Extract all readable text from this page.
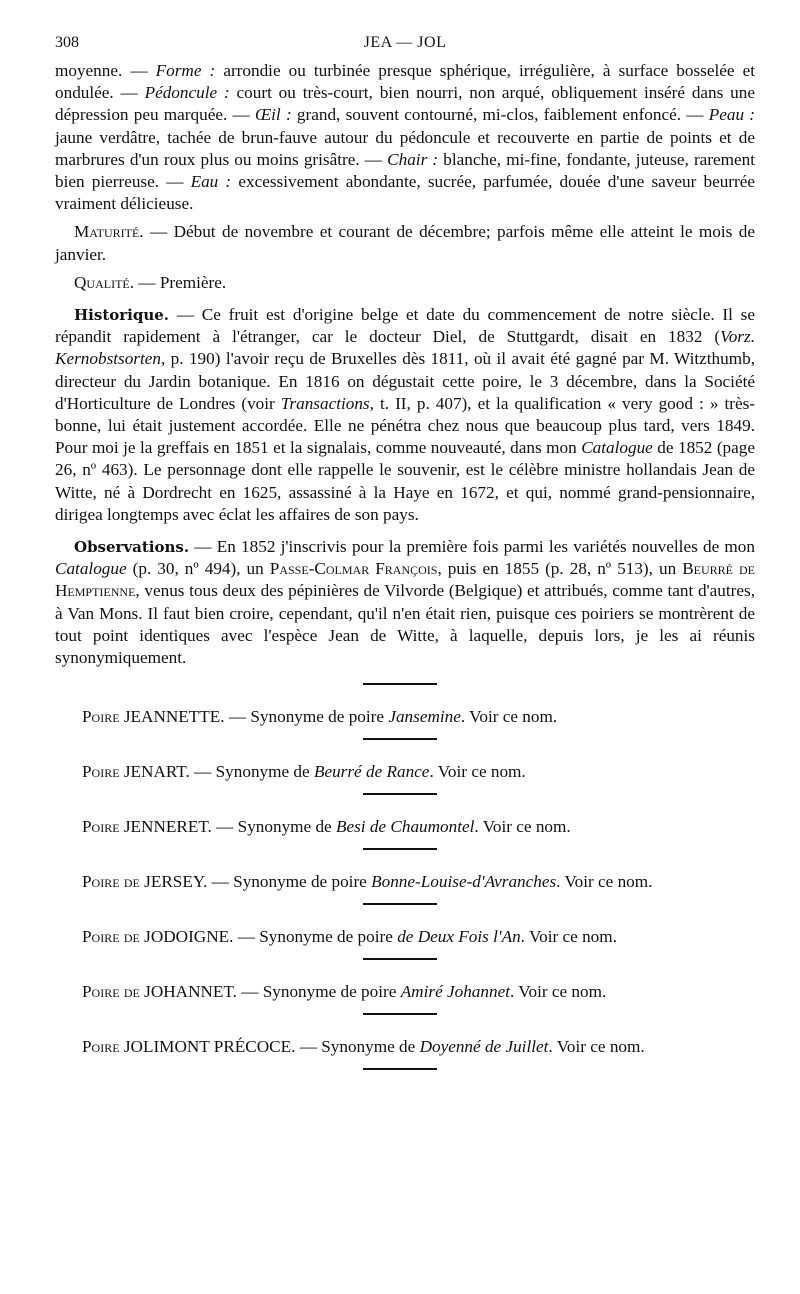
308	JEA — JOL

moyenne. — Forme : arrondie ou turbinée presque sphérique, irrégulière, à surface bosselée et ondulée. — Pédoncule : court ou très-court, bien nourri, non arqué, obliquement inséré dans une dépression peu marquée. — Œil : grand, souvent contourné, mi-clos, faiblement enfoncé. — Peau : jaune verdâtre, tachée de brun-fauve autour du pédoncule et recouverte en partie de points et de marbrures d'un roux plus ou moins grisâtre. — Chair : blanche, mi-fine, fondante, juteuse, rarement bien pierreuse. — Eau : excessivement abondante, sucrée, parfumée, douée d'une saveur beurrée vraiment délicieuse.

Maturité. — Début de novembre et courant de décembre; parfois même elle atteint le mois de janvier.

Qualité. — Première.

Historique. — Ce fruit est d'origine belge et date du commencement de notre siècle. Il se répandit rapidement à l'étranger, car le docteur Diel, de Stuttgardt, disait en 1832 (Vorz. Kernobstsorten, p. 190) l'avoir reçu de Bruxelles dès 1811, où il avait été gagné par M. Witzthumb, directeur du Jardin botanique. En 1816 on dégustait cette poire, le 3 décembre, dans la Société d'Horticulture de Londres (voir Transactions, t. II, p. 407), et la qualification « very good : » très-bonne, lui était justement accordée. Elle ne pénétra chez nous que beaucoup plus tard, vers 1849. Pour moi je la greffais en 1851 et la signalais, comme nouveauté, dans mon Catalogue de 1852 (page 26, nº 463). Le personnage dont elle rappelle le souvenir, est le célèbre ministre hollandais Jean de Witte, né à Dordrecht en 1625, assassiné à la Haye en 1672, et qui, nommé grand-pensionnaire, dirigea longtemps avec éclat les affaires de son pays.

Observations. — En 1852 j'inscrivis pour la première fois parmi les variétés nouvelles de mon Catalogue (p. 30, nº 494), un Passe-Colmar François, puis en 1855 (p. 28, nº 513), un Beurré de Hemptienne, venus tous deux des pépinières de Vilvorde (Belgique) et attribués, comme tant d'autres, à Van Mons. Il faut bien croire, cependant, qu'il n'en était rien, puisque ces poiriers se montrèrent de tout point identiques avec l'espèce Jean de Witte, à laquelle, depuis lors, je les ai réunis synonymiquement.

Poire JEANNETTE. — Synonyme de poire Jansemine. Voir ce nom.

Poire JENART. — Synonyme de Beurré de Rance. Voir ce nom.

Poire JENNERET. — Synonyme de Besi de Chaumontel. Voir ce nom.

Poire de JERSEY. — Synonyme de poire Bonne-Louise-d'Avranches. Voir ce nom.

Poire de JODOIGNE. — Synonyme de poire de Deux Fois l'An. Voir ce nom.

Poire de JOHANNET. — Synonyme de poire Amiré Johannet. Voir ce nom.

Poire JOLIMONT PRÉCOCE. — Synonyme de Doyenné de Juillet. Voir ce nom.
